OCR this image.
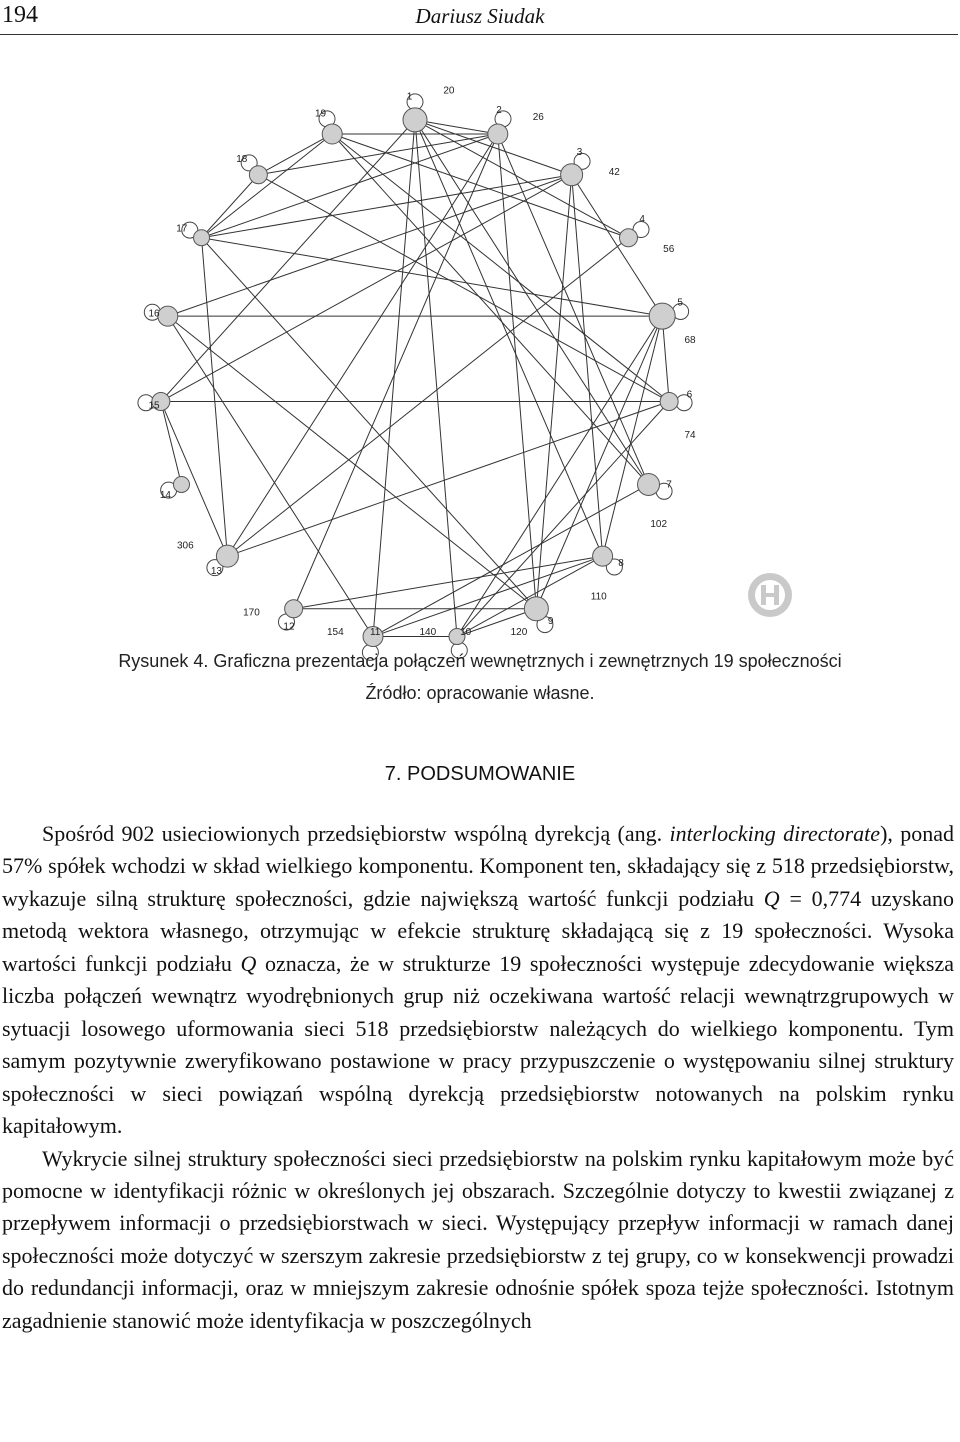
194	Dariusz Siudak
1
2
3
4
5
6
7
8
9
10
11
12
13
14
15
16
17
18
19
20
26
42
56
68
74
102
110
120
140
154
170
306
Rysunek 4. Graficzna prezentacja połączeń wewnętrznych i zewnętrznych 19 społeczności
Źródło: opracowanie własne.
7. PODSUMOWANIE

Spośród 902 usieciowionych przedsiębiorstw wspólną dyrekcją (ang. interlocking directorate), ponad 57% spółek wchodzi w skład wielkiego komponentu. Komponent ten, składający się z 518 przedsiębiorstw, wykazuje silną strukturę społeczności, gdzie największą wartość funkcji podziału Q = 0,774 uzyskano metodą wektora własnego, otrzymując w efekcie strukturę składającą się z 19 społeczności. Wysoka wartości funkcji podziału Q oznacza, że w strukturze 19 społeczności występuje zdecydowanie większa liczba połączeń wewnątrz wyodrębnionych grup niż oczekiwana wartość relacji wewnątrzgrupowych w sytuacji losowego uformowania sieci 518 przedsiębiorstw należących do wielkiego komponentu. Tym samym pozytywnie zweryfikowano postawione w pracy przypuszczenie o występowaniu silnej struktury społeczności w sieci powiązań wspólną dyrekcją przedsiębiorstw notowanych na polskim rynku kapitałowym.

Wykrycie silnej struktury społeczności sieci przedsiębiorstw na polskim rynku kapitałowym może być pomocne w identyfikacji różnic w określonych jej obszarach. Szczególnie dotyczy to kwestii związanej z przepływem informacji o przedsiębiorstwach w sieci. Występujący przepływ informacji w ramach danej społeczności może dotyczyć w szerszym zakresie przedsiębiorstw z tej grupy, co w konsekwencji prowadzi do redundancji informacji, oraz w mniejszym zakresie odnośnie spółek spoza tejże społeczności. Istotnym zagadnienie stanowić może identyfikacja w poszczególnych
